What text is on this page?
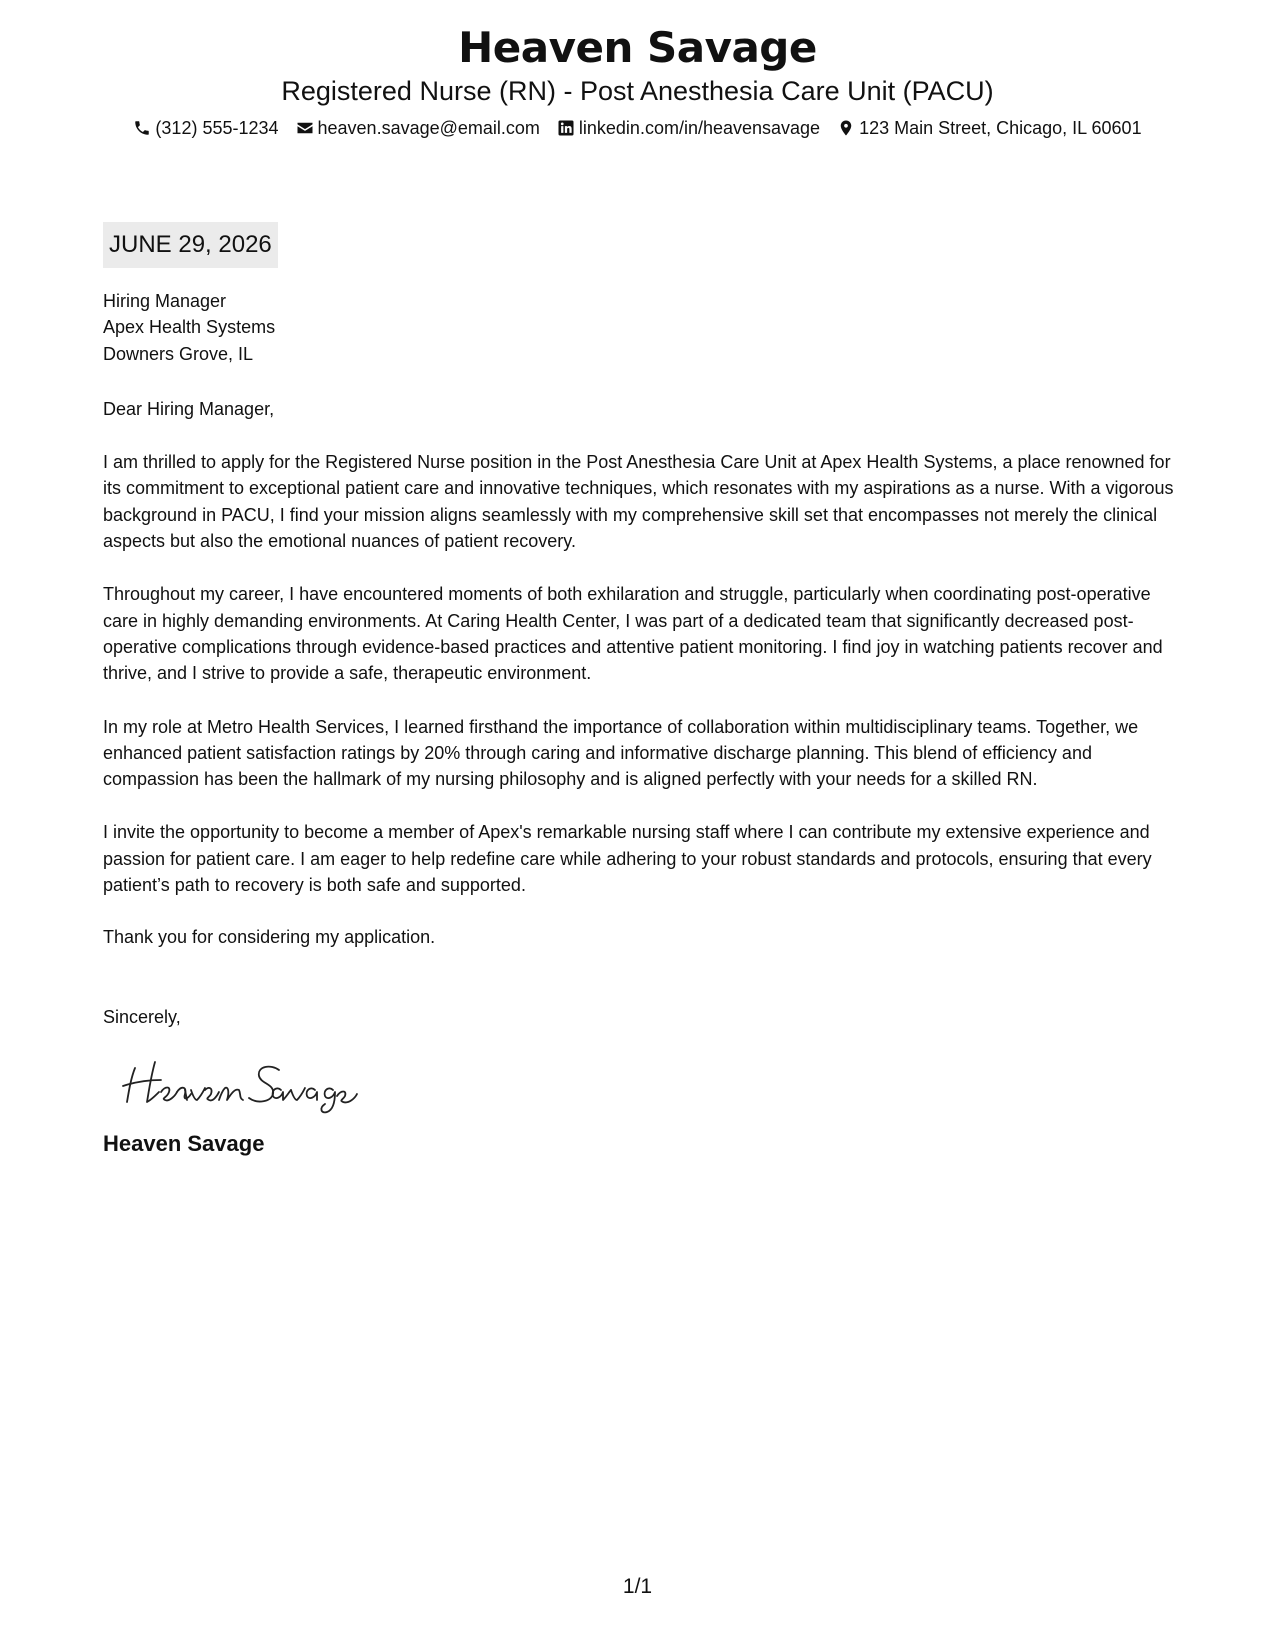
Heaven Savage
Registered Nurse (RN) - Post Anesthesia Care Unit (PACU)
(312) 555-1234 heaven.savage@email.com linkedin.com/in/heavensavage 123 Main Street, Chicago, IL 60601
JUNE 29, 2026
Hiring Manager
Apex Health Systems
Downers Grove, IL
Dear Hiring Manager,
I am thrilled to apply for the Registered Nurse position in the Post Anesthesia Care Unit at Apex Health Systems, a place renowned for its commitment to exceptional patient care and innovative techniques, which resonates with my aspirations as a nurse. With a vigorous background in PACU, I find your mission aligns seamlessly with my comprehensive skill set that encompasses not merely the clinical aspects but also the emotional nuances of patient recovery.
Throughout my career, I have encountered moments of both exhilaration and struggle, particularly when coordinating post-operative care in highly demanding environments. At Caring Health Center, I was part of a dedicated team that significantly decreased post-operative complications through evidence-based practices and attentive patient monitoring. I find joy in watching patients recover and thrive, and I strive to provide a safe, therapeutic environment.
In my role at Metro Health Services, I learned firsthand the importance of collaboration within multidisciplinary teams. Together, we enhanced patient satisfaction ratings by 20% through caring and informative discharge planning. This blend of efficiency and compassion has been the hallmark of my nursing philosophy and is aligned perfectly with your needs for a skilled RN.
I invite the opportunity to become a member of Apex's remarkable nursing staff where I can contribute my extensive experience and passion for patient care. I am eager to help redefine care while adhering to your robust standards and protocols, ensuring that every patient’s path to recovery is both safe and supported.
Thank you for considering my application.
Sincerely,
Heaven Savage
1/1
